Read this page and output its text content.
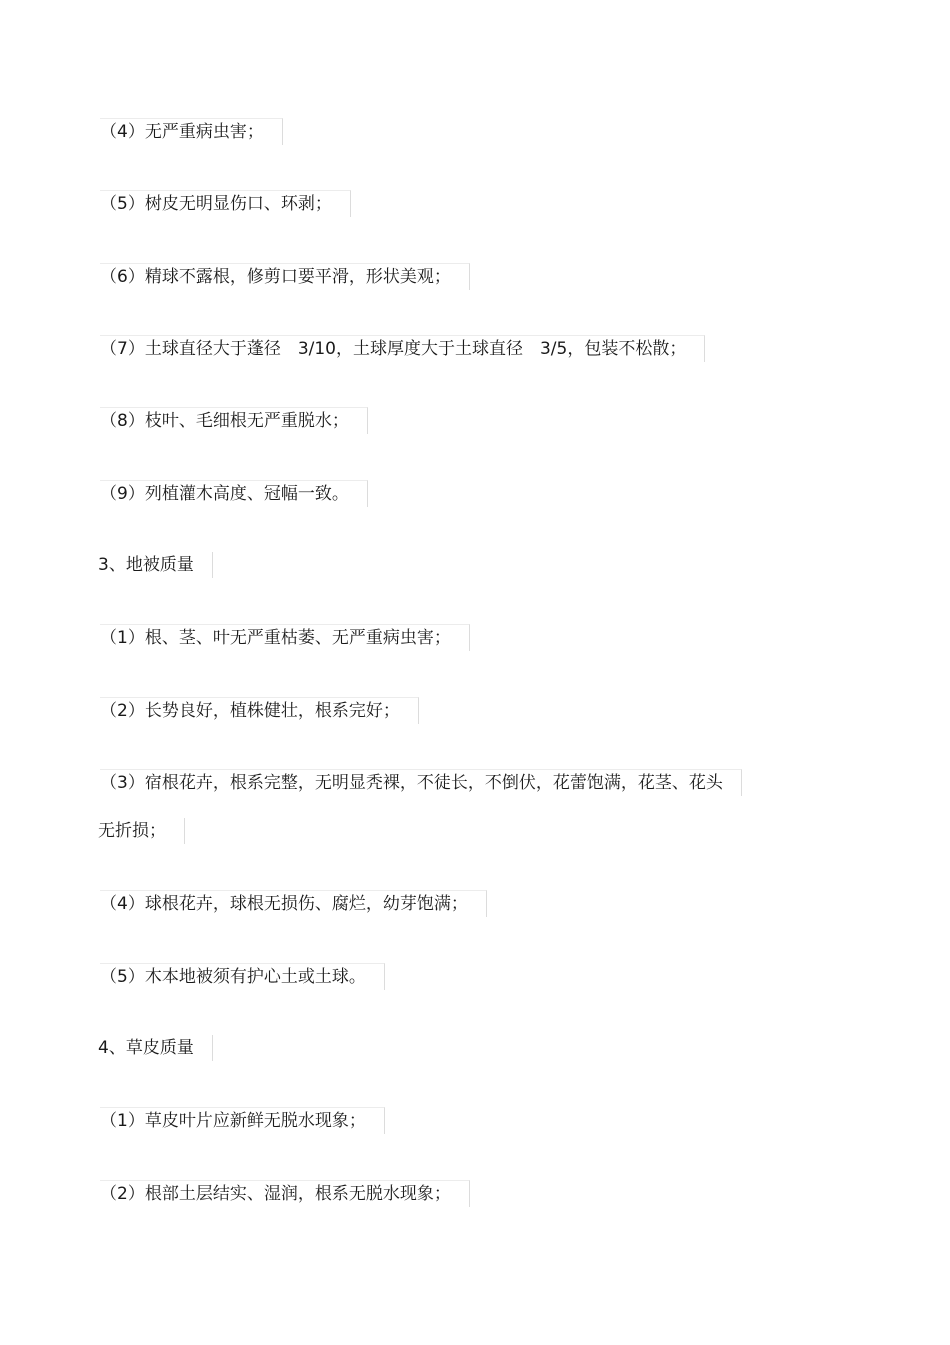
（4）无严重病虫害；
（5）树皮无明显伤口、环剥；
（6）精球不露根，修剪口要平滑，形状美观；
（7）土球直径大于蓬径　3/10，土球厚度大于土球直径　3/5，包装不松散；
（8）枝叶、毛细根无严重脱水；
（9）列植灌木高度、冠幅一致。
3、地被质量
（1）根、茎、叶无严重枯萎、无严重病虫害；
（2）长势良好，植株健壮，根系完好；
（3）宿根花卉，根系完整，无明显秃裸，不徒长，不倒伏，花蕾饱满，花茎、花头
无折损；
（4）球根花卉，球根无损伤、腐烂，幼芽饱满；
（5）木本地被须有护心土或土球。
4、草皮质量
（1）草皮叶片应新鲜无脱水现象；
（2）根部土层结实、湿润，根系无脱水现象；
